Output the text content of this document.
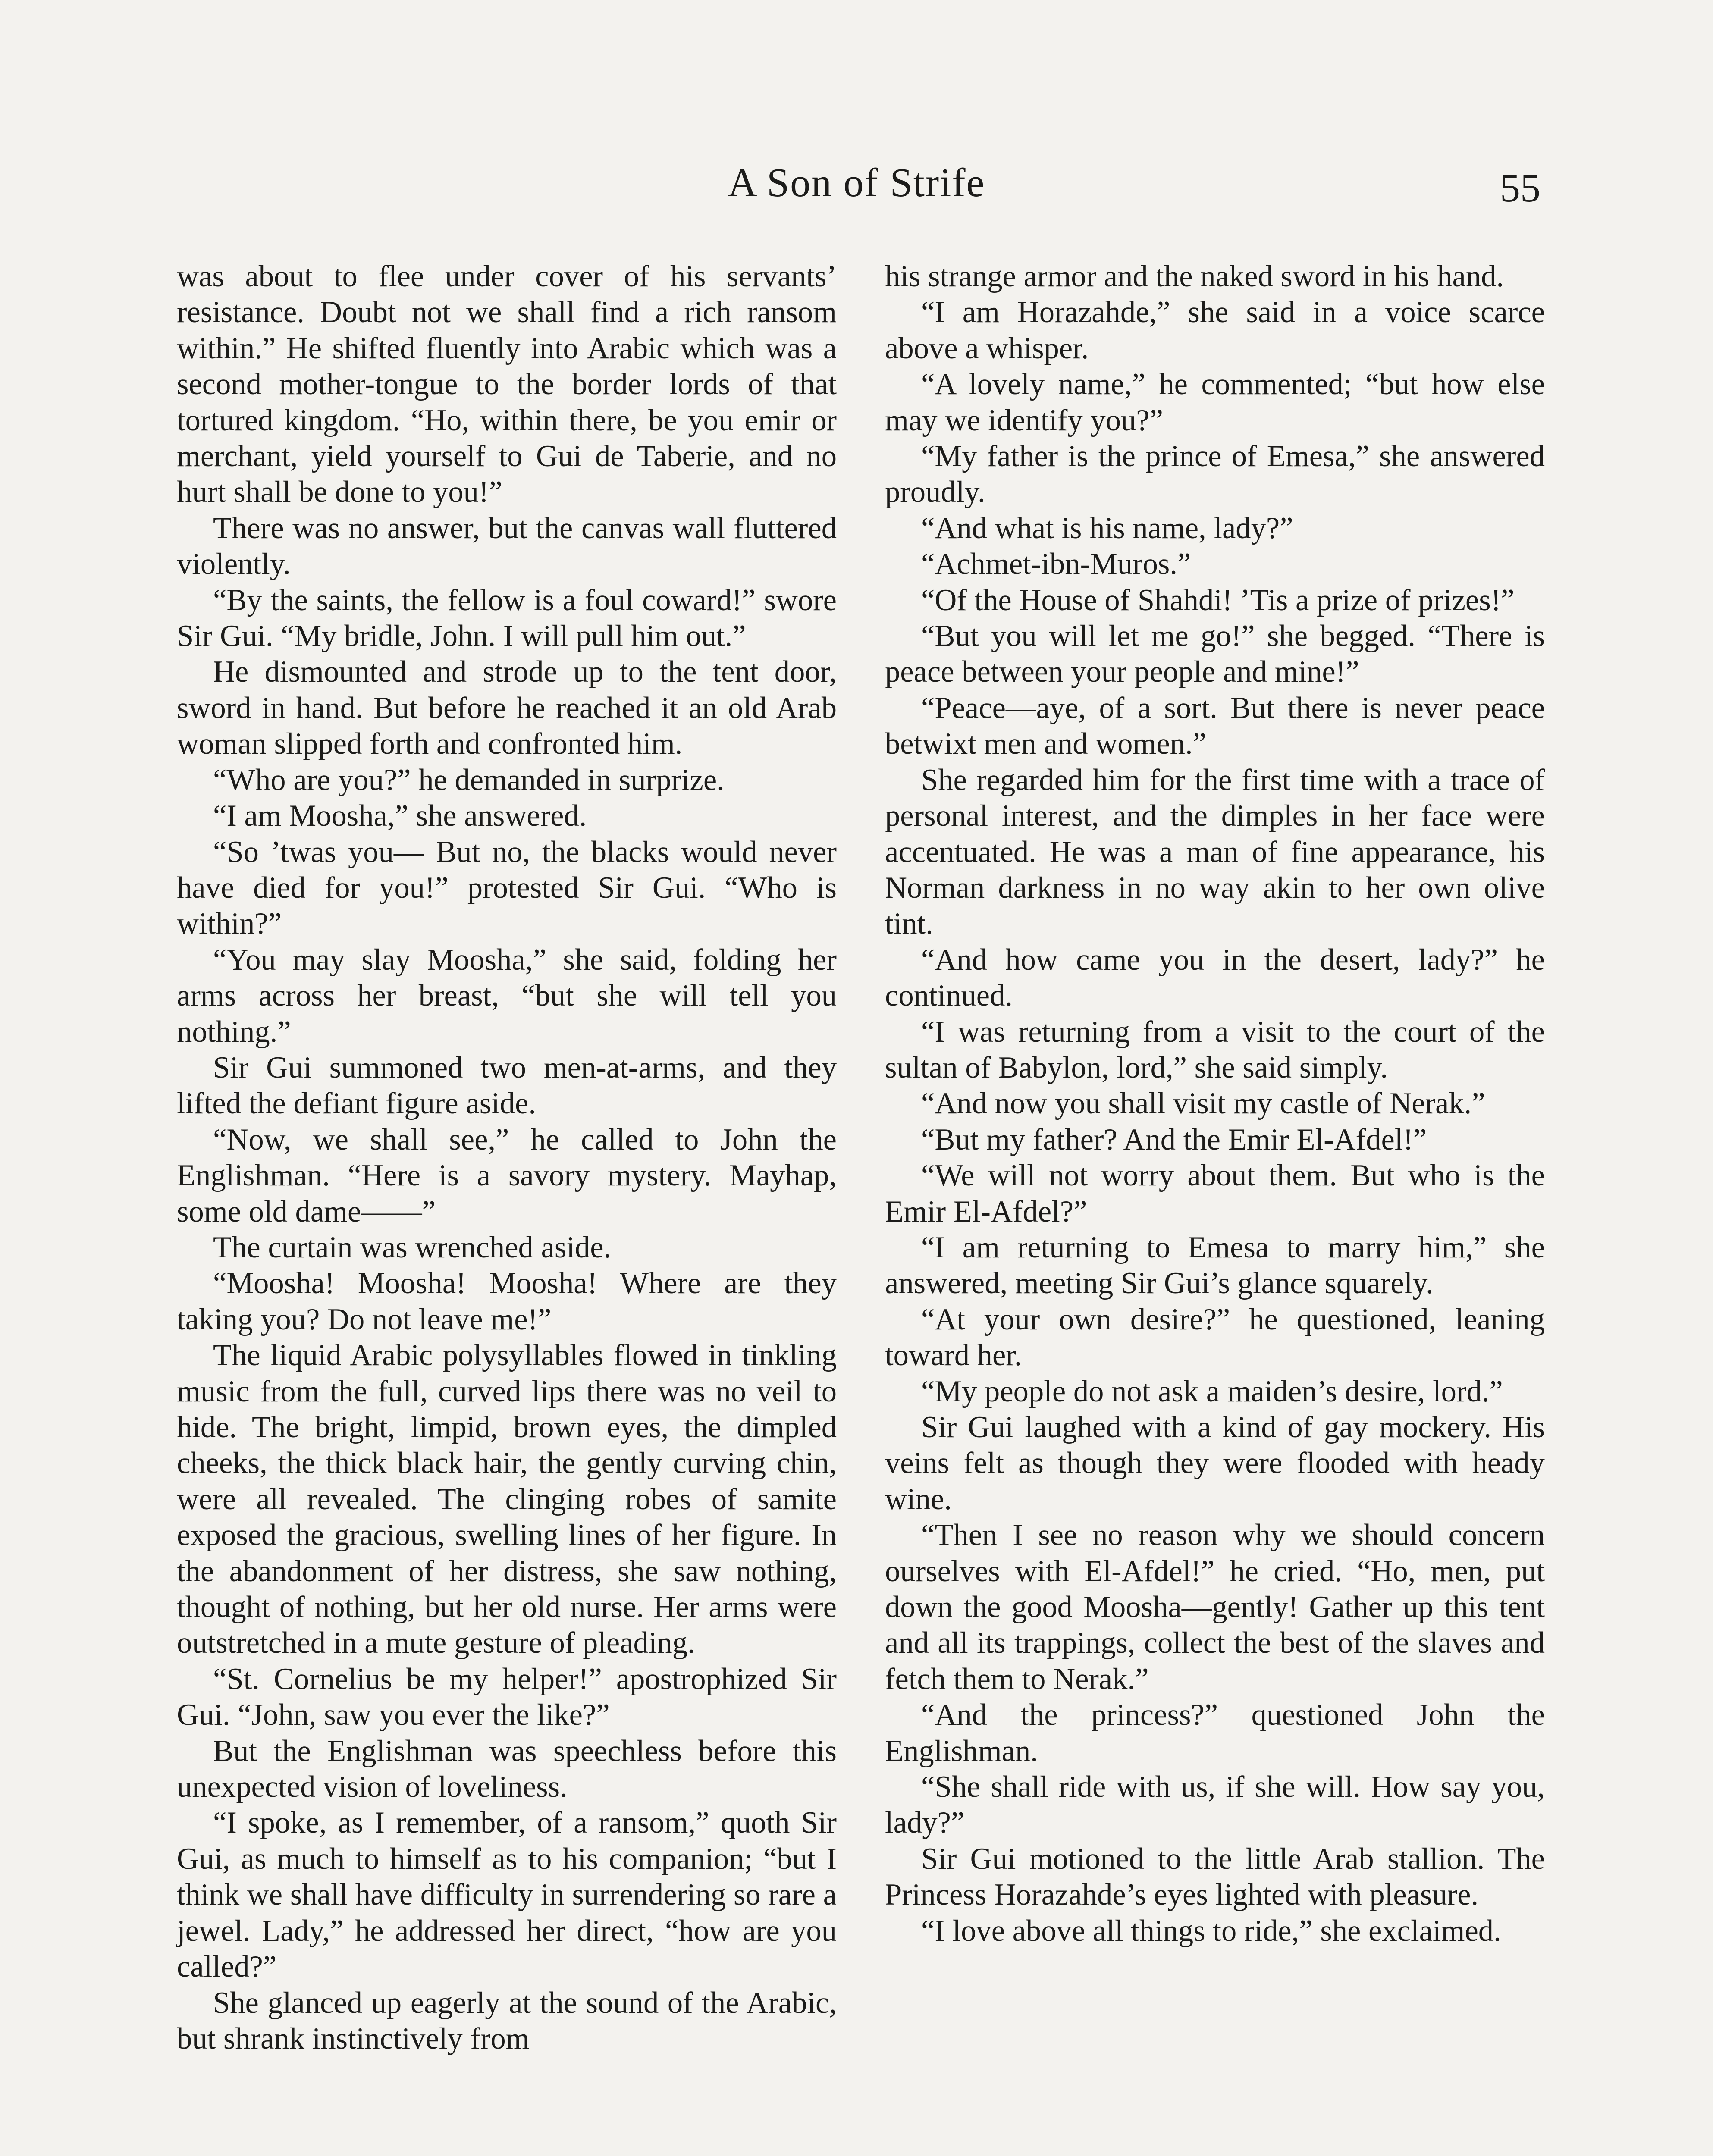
A Son of Strife	55

was about to flee under cover of his servants’ resistance. Doubt not we shall find a rich ransom within.” He shifted fluently into Arabic which was a second mother-tongue to the border lords of that tortured kingdom. “Ho, within there, be you emir or merchant, yield yourself to Gui de Taberie, and no hurt shall be done to you!”

There was no answer, but the canvas wall fluttered violently.

“By the saints, the fellow is a foul coward!” swore Sir Gui. “My bridle, John. I will pull him out.”

He dismounted and strode up to the tent door, sword in hand. But before he reached it an old Arab woman slipped forth and confronted him.

“Who are you?” he demanded in surprize.

“I am Moosha,” she answered.

“So ’twas you— But no, the blacks would never have died for you!” protested Sir Gui. “Who is within?”

“You may slay Moosha,” she said, folding her arms across her breast, “but she will tell you nothing.”

Sir Gui summoned two men-at-arms, and they lifted the defiant figure aside.

“Now, we shall see,” he called to John the Englishman. “Here is a savory mystery. Mayhap, some old dame——”

The curtain was wrenched aside.

“Moosha! Moosha! Moosha! Where are they taking you? Do not leave me!”

The liquid Arabic polysyllables flowed in tinkling music from the full, curved lips there was no veil to hide. The bright, limpid, brown eyes, the dimpled cheeks, the thick black hair, the gently curving chin, were all revealed. The clinging robes of samite exposed the gracious, swelling lines of her figure. In the abandonment of her distress, she saw nothing, thought of nothing, but her old nurse. Her arms were outstretched in a mute gesture of pleading.

“St. Cornelius be my helper!” apostrophized Sir Gui. “John, saw you ever the like?”

But the Englishman was speechless before this unexpected vision of loveliness.

“I spoke, as I remember, of a ransom,” quoth Sir Gui, as much to himself as to his companion; “but I think we shall have difficulty in surrendering so rare a jewel. Lady,” he addressed her direct, “how are you called?”

She glanced up eagerly at the sound of the Arabic, but shrank instinctively from

his strange armor and the naked sword in his hand.

“I am Horazahde,” she said in a voice scarce above a whisper.

“A lovely name,” he commented; “but how else may we identify you?”

“My father is the prince of Emesa,” she answered proudly.

“And what is his name, lady?”

“Achmet-ibn-Muros.”

“Of the House of Shahdi! ’Tis a prize of prizes!”

“But you will let me go!” she begged. “There is peace between your people and mine!”

“Peace—aye, of a sort. But there is never peace betwixt men and women.”

She regarded him for the first time with a trace of personal interest, and the dimples in her face were accentuated. He was a man of fine appearance, his Norman darkness in no way akin to her own olive tint.

“And how came you in the desert, lady?” he continued.

“I was returning from a visit to the court of the sultan of Babylon, lord,” she said simply.

“And now you shall visit my castle of Nerak.”

“But my father? And the Emir El-Afdel!”

“We will not worry about them. But who is the Emir El-Afdel?”

“I am returning to Emesa to marry him,” she answered, meeting Sir Gui’s glance squarely.

“At your own desire?” he questioned, leaning toward her.

“My people do not ask a maiden’s desire, lord.”

Sir Gui laughed with a kind of gay mockery. His veins felt as though they were flooded with heady wine.

“Then I see no reason why we should concern ourselves with El-Afdel!” he cried. “Ho, men, put down the good Moosha—gently! Gather up this tent and all its trappings, collect the best of the slaves and fetch them to Nerak.”

“And the princess?” questioned John the Englishman.

“She shall ride with us, if she will. How say you, lady?”

Sir Gui motioned to the little Arab stallion. The Princess Horazahde’s eyes lighted with pleasure.

“I love above all things to ride,” she exclaimed.
